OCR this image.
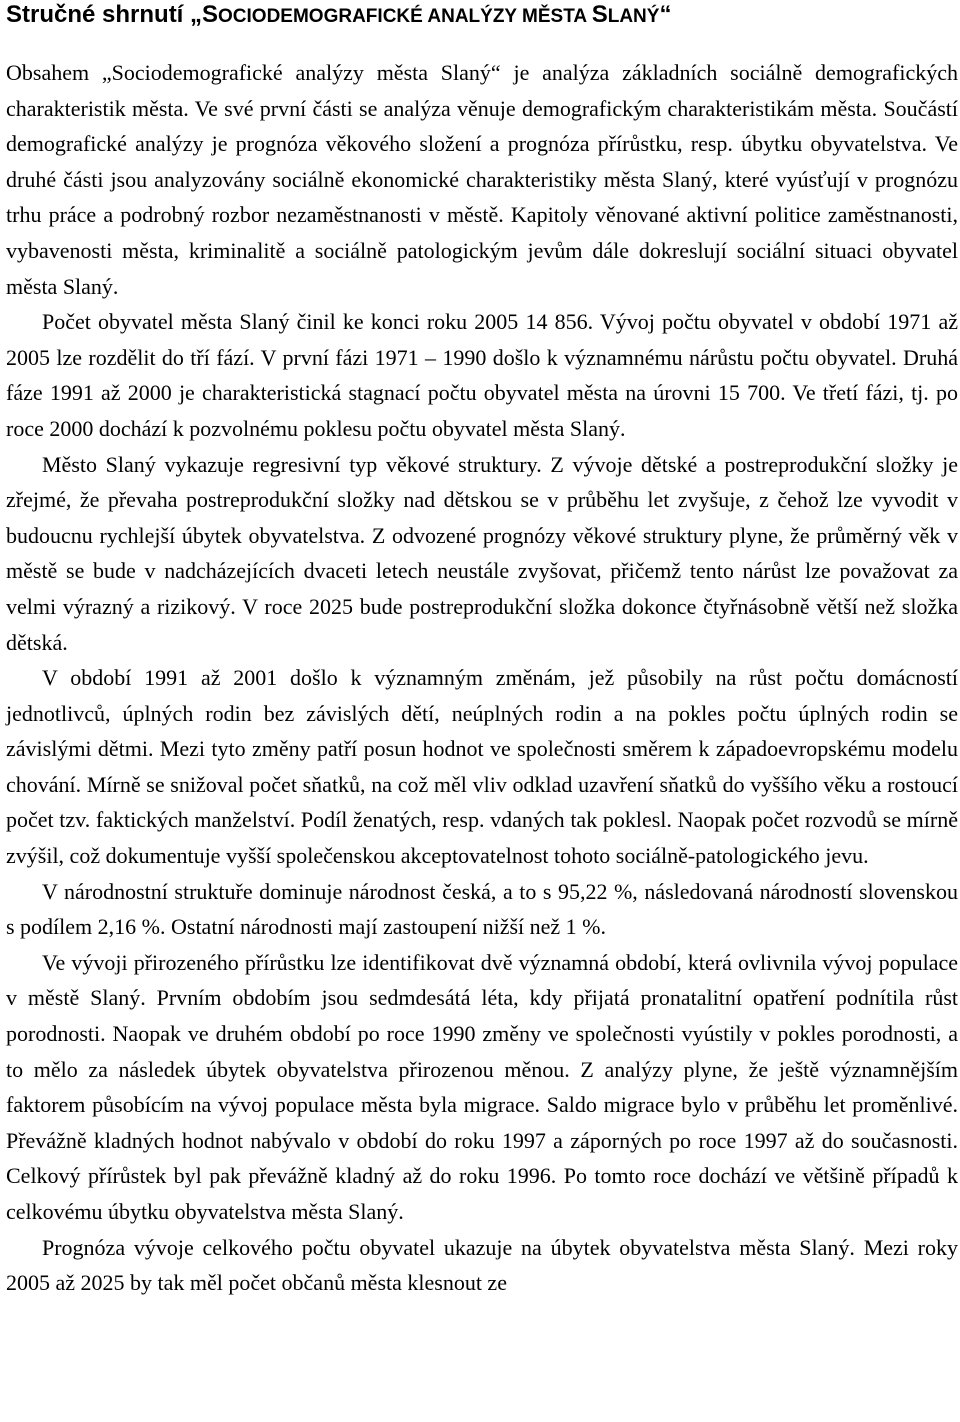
Stručné shrnutí „SOCIODEMOGRAFICKÉ ANALÝZY MĚSTA SLANÝ“

Obsahem „Sociodemografické analýzy města Slaný“ je analýza základních sociálně demografických charakteristik města. Ve své první části se analýza věnuje demografickým charakteristikám města. Součástí demografické analýzy je prognóza věkového složení a prognóza přírůstku, resp. úbytku obyvatelstva. Ve druhé části jsou analyzovány sociálně ekonomické charakteristiky města Slaný, které vyúsťují v prognózu trhu práce a podrobný rozbor nezaměstnanosti v městě. Kapitoly věnované aktivní politice zaměstnanosti, vybavenosti města, kriminalitě a sociálně patologickým jevům dále dokreslují sociální situaci obyvatel města Slaný.

Počet obyvatel města Slaný činil ke konci roku 2005 14 856. Vývoj počtu obyvatel v období 1971 až 2005 lze rozdělit do tří fází. V první fázi 1971 – 1990 došlo k významnému nárůstu počtu obyvatel. Druhá fáze 1991 až 2000 je charakteristická stagnací počtu obyvatel města na úrovni 15 700. Ve třetí fázi, tj. po roce 2000 dochází k pozvolnému poklesu počtu obyvatel města Slaný.

Město Slaný vykazuje regresivní typ věkové struktury. Z vývoje dětské a postreprodukční složky je zřejmé, že převaha postreprodukční složky nad dětskou se v průběhu let zvyšuje, z čehož lze vyvodit v budoucnu rychlejší úbytek obyvatelstva. Z odvozené prognózy věkové struktury plyne, že průměrný věk v městě se bude v nadcházejících dvaceti letech neustále zvyšovat, přičemž tento nárůst lze považovat za velmi výrazný a rizikový. V roce 2025 bude postreprodukční složka dokonce čtyřnásobně větší než složka dětská.

V období 1991 až 2001 došlo k významným změnám, jež působily na růst počtu domácností jednotlivců, úplných rodin bez závislých dětí, neúplných rodin a na pokles počtu úplných rodin se závislými dětmi. Mezi tyto změny patří posun hodnot ve společnosti směrem k západoevropskému modelu chování. Mírně se snižoval počet sňatků, na což měl vliv odklad uzavření sňatků do vyššího věku a rostoucí počet tzv. faktických manželství. Podíl ženatých, resp. vdaných tak poklesl. Naopak počet rozvodů se mírně zvýšil, což dokumentuje vyšší společenskou akceptovatelnost tohoto sociálně-patologického jevu.

V národnostní struktuře dominuje národnost česká, a to s 95,22 %, následovaná národností slovenskou s podílem 2,16 %. Ostatní národnosti mají zastoupení nižší než 1 %.

Ve vývoji přirozeného přírůstku lze identifikovat dvě významná období, která ovlivnila vývoj populace v městě Slaný. Prvním obdobím jsou sedmdesátá léta, kdy přijatá pronatalitní opatření podnítila růst porodnosti. Naopak ve druhém období po roce 1990 změny ve společnosti vyústily v pokles porodnosti, a to mělo za následek úbytek obyvatelstva přirozenou měnou. Z analýzy plyne, že ještě významnějším faktorem působícím na vývoj populace města byla migrace. Saldo migrace bylo v průběhu let proměnlivé. Převážně kladných hodnot nabývalo v období do roku 1997 a záporných po roce 1997 až do současnosti. Celkový přírůstek byl pak převážně kladný až do roku 1996. Po tomto roce dochází ve většině případů k celkovému úbytku obyvatelstva města Slaný.

Prognóza vývoje celkového počtu obyvatel ukazuje na úbytek obyvatelstva města Slaný. Mezi roky 2005 až 2025 by tak měl počet občanů města klesnout ze
